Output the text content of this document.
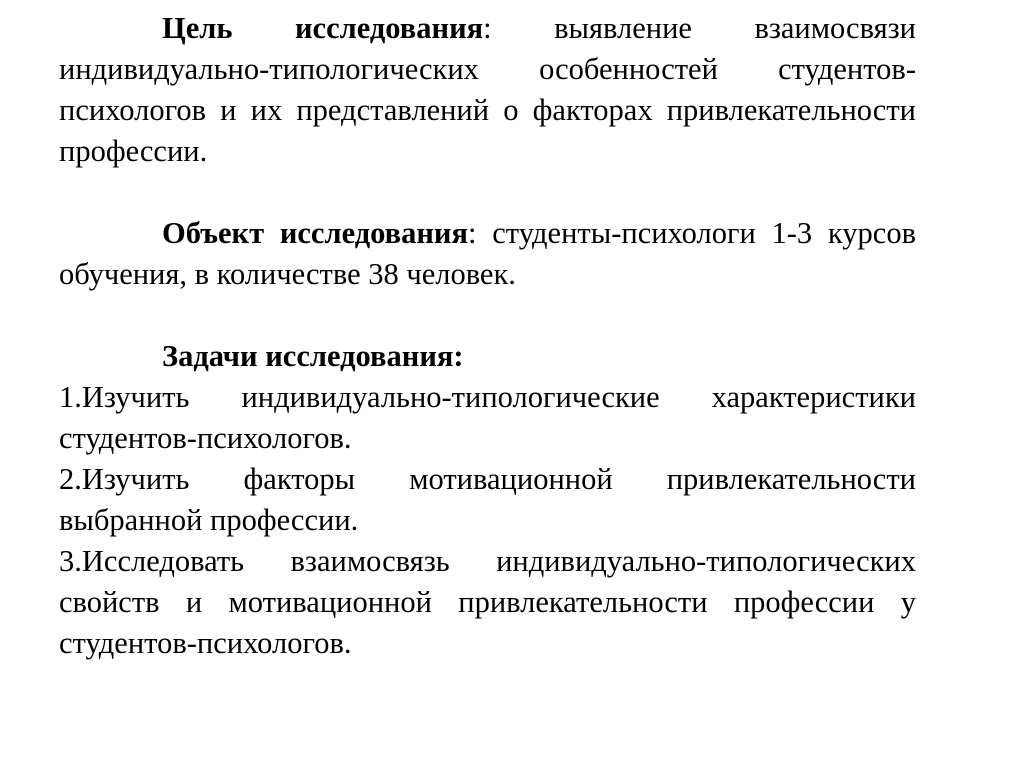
Цель исследования: выявление взаимосвязи индивидуально-типологических особенностей студентов-психологов и их представлений о факторах привлекательности профессии.

Объект исследования: студенты-психологи 1-3 курсов обучения, в количестве 38 человек.

Задачи исследования:

1.Изучить индивидуально-типологические характеристики студентов-психологов.

2.Изучить факторы мотивационной привлекательности выбранной профессии.

3.Исследовать взаимосвязь индивидуально-типологических свойств и мотивационной привлекательности профессии у студентов-психологов.
